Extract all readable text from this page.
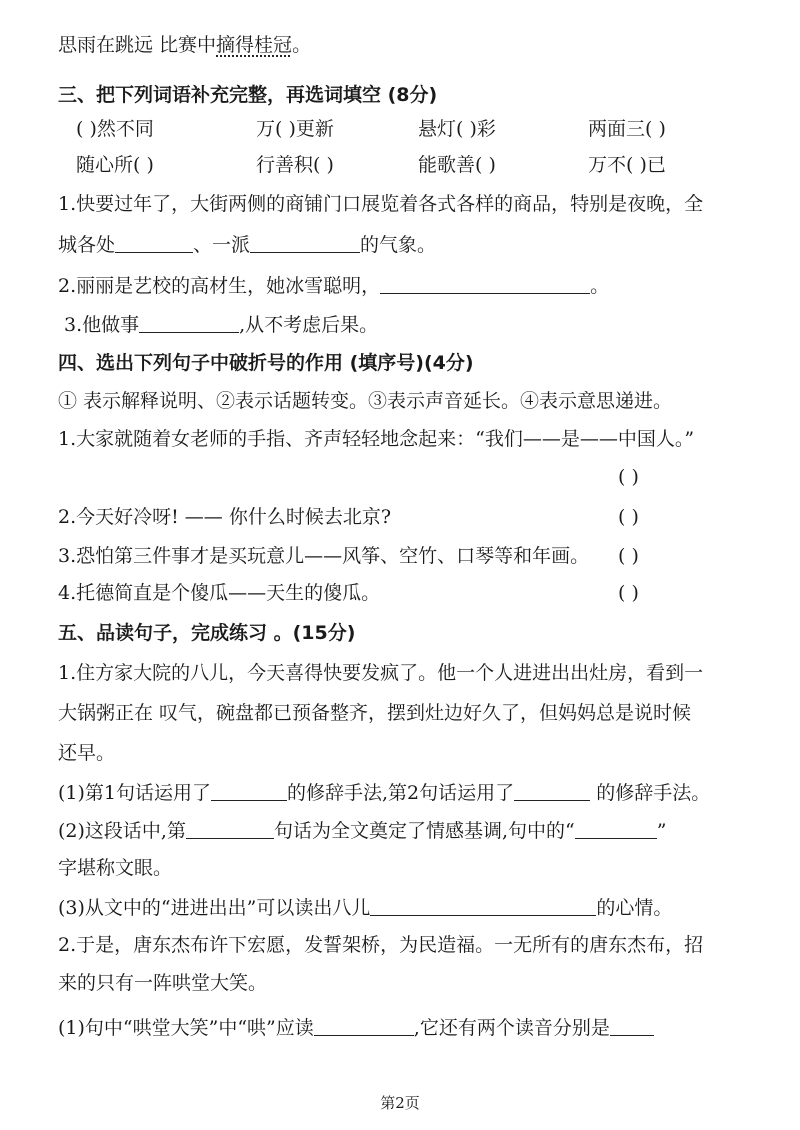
思雨在跳远 比赛中摘得桂冠。
三、把下列词语补充完整，再选词填空 (8分)
( )然不同	万( )更新	悬灯( )彩	两面三( )
随心所( )	行善积( )	能歌善( )	万不( )已
1.快要过年了，大街两侧的商铺门口展览着各式各样的商品，特别是夜晚，全
城各处	、一派	的气象。
2.丽丽是艺校的高材生，她冰雪聪明，	。
3.他做事	,从不考虑后果。
四、选出下列句子中破折号的作用 (填序号)(4分)
① 表示解释说明、②表示话题转变。③表示声音延长。④表示意思递进。
1.大家就随着女老师的手指、齐声轻轻地念起来：“我们——是——中国人。”
( )
2.今天好冷呀! —— 你什么时候去北京?	( )
3.恐怕第三件事才是买玩意儿——风筝、空竹、口琴等和年画。	( )
4.托德简直是个傻瓜——天生的傻瓜。	( )
五、品读句子，完成练习 。(15分)
1.住方家大院的八儿，今天喜得快要发疯了。他一个人进进出出灶房，看到一
大锅粥正在 叹气，碗盘都已预备整齐，摆到灶边好久了，但妈妈总是说时候
还早。
(1)第1句话运用了	的修辞手法,第2句话运用了	的修辞手法。
(2)这段话中,第	句话为全文奠定了情感基调,句中的“	”
字堪称文眼。
(3)从文中的“进进出出”可以读出八儿	的心情。
2.于是，唐东杰布许下宏愿，发誓架桥，为民造福。一无所有的唐东杰布，招
来的只有一阵哄堂大笑。
(1)句中“哄堂大笑”中“哄”应读	,它还有两个读音分别是
第2页
